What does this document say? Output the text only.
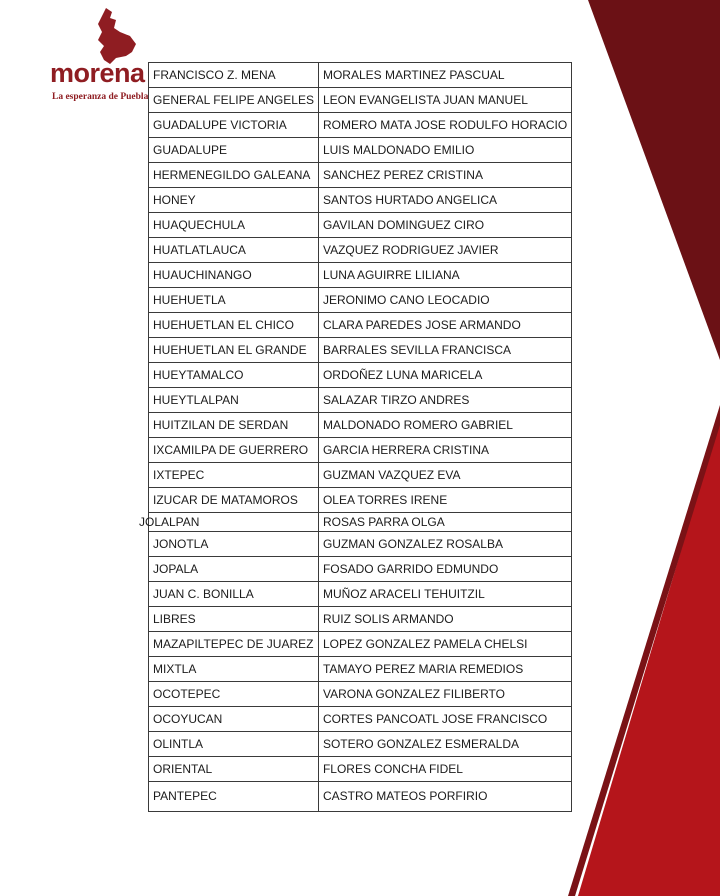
morena
La esperanza de Puebla
FRANCISCO Z. MENA	MORALES MARTINEZ PASCUAL
GENERAL FELIPE ANGELES	LEON EVANGELISTA JUAN MANUEL
GUADALUPE VICTORIA	ROMERO MATA JOSE RODULFO HORACIO
GUADALUPE	LUIS MALDONADO EMILIO
HERMENEGILDO GALEANA	SANCHEZ PEREZ CRISTINA
HONEY	SANTOS HURTADO ANGELICA
HUAQUECHULA	GAVILAN DOMINGUEZ CIRO
HUATLATLAUCA	VAZQUEZ RODRIGUEZ JAVIER
HUAUCHINANGO	LUNA AGUIRRE LILIANA
HUEHUETLA	JERONIMO CANO LEOCADIO
HUEHUETLAN EL CHICO	CLARA PAREDES JOSE ARMANDO
HUEHUETLAN EL GRANDE	BARRALES SEVILLA FRANCISCA
HUEYTAMALCO	ORDOÑEZ LUNA MARICELA
HUEYTLALPAN	SALAZAR TIRZO ANDRES
HUITZILAN DE SERDAN	MALDONADO ROMERO GABRIEL
IXCAMILPA DE GUERRERO	GARCIA HERRERA CRISTINA
IXTEPEC	GUZMAN VAZQUEZ EVA
IZUCAR DE MATAMOROS	OLEA TORRES IRENE
JOLALPAN	ROSAS PARRA OLGA
JONOTLA	GUZMAN GONZALEZ ROSALBA
JOPALA	FOSADO GARRIDO EDMUNDO
JUAN C. BONILLA	MUÑOZ ARACELI TEHUITZIL
LIBRES	RUIZ SOLIS ARMANDO
MAZAPILTEPEC DE JUAREZ	LOPEZ GONZALEZ PAMELA CHELSI
MIXTLA	TAMAYO PEREZ MARIA REMEDIOS
OCOTEPEC	VARONA GONZALEZ FILIBERTO
OCOYUCAN	CORTES PANCOATL JOSE FRANCISCO
OLINTLA	SOTERO GONZALEZ ESMERALDA
ORIENTAL	FLORES CONCHA FIDEL
PANTEPEC	CASTRO MATEOS PORFIRIO
